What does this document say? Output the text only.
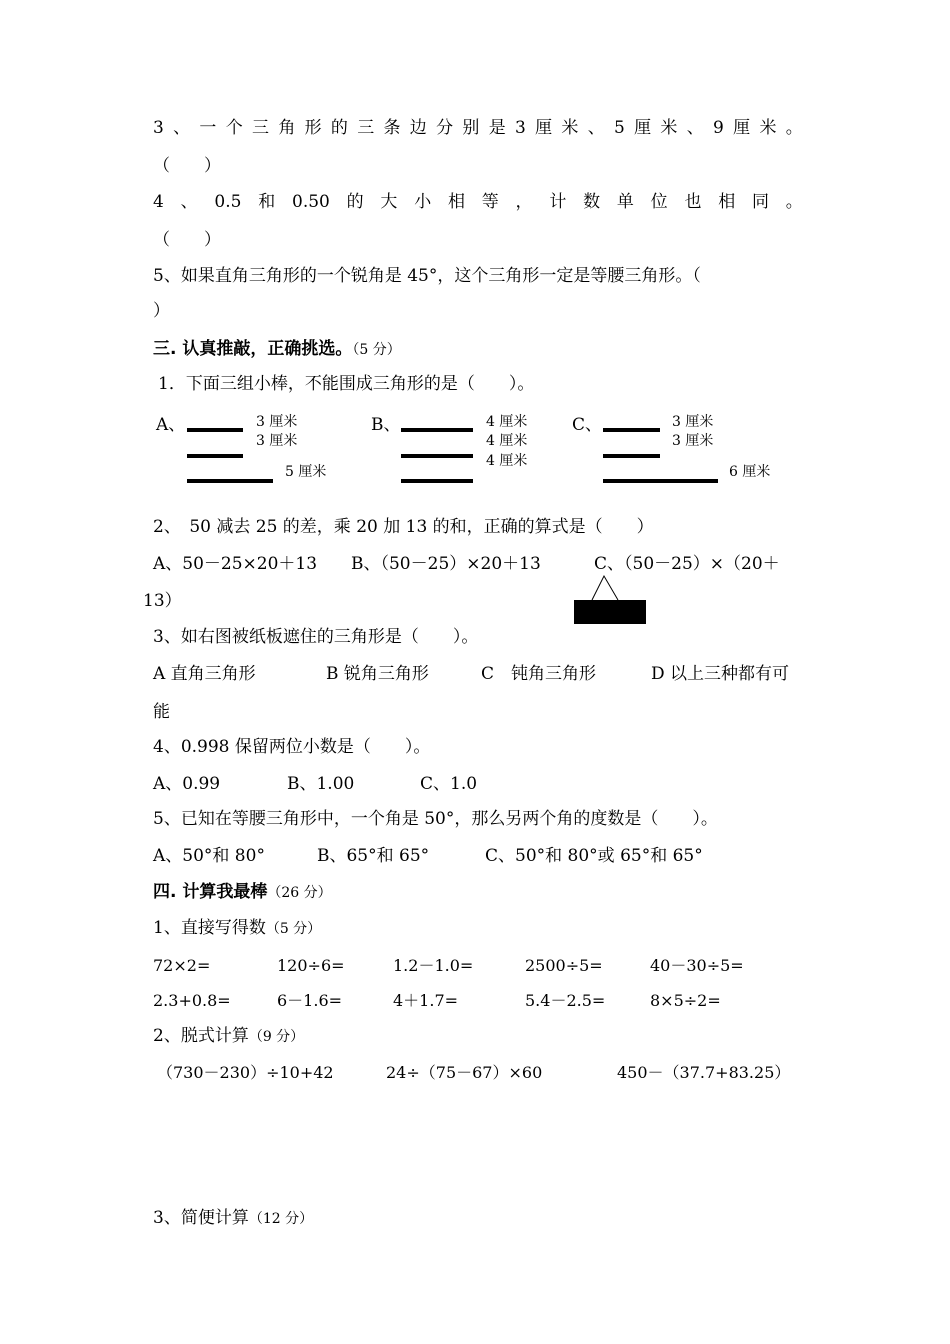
3 、 一 个 三 角 形 的 三 条 边 分 别 是 3 厘 米 、 5 厘 米 、 9 厘 米 。
（　　）
4 、 0.5 和 0.50 的 大 小 相 等 ， 计 数 单 位 也 相 同 。
（　　）
5、如果直角三角形的一个锐角是 45°，这个三角形一定是等腰三角形。（
）
三. 认真推敲，正确挑选。（5 分）
1．下面三组小棒，不能围成三角形的是（　　）。
A、	3 厘米
3 厘米
5 厘米
B、	4 厘米
4 厘米
4 厘米
C、	3 厘米
3 厘米
6 厘米
2、　50 减去 25 的差，乘 20 加 13 的和，正确的算式是（　　）
A、50－25×20＋13 B、（50－25）×20＋13	C、（50－25）×（20＋
13）
3、如右图被纸板遮住的三角形是（　　）。
A 直角三角形	B 锐角三角形	C　钝角三角形	D 以上三种都有可
能
4、0.998 保留两位小数是（　　）。
A、0.99	B、1.00	C、1.0
5、已知在等腰三角形中，一个角是 50°，那么另两个角的度数是（　　）。
A、50°和 80°	B、65°和 65°	C、50°和 80°或 65°和 65°
四. 计算我最棒（26 分）
1、直接写得数（5 分）
72×2=	120÷6=	1.2－1.0=	2500÷5=	40－30÷5=
2.3+0.8=	6－1.6=	4＋1.7=	5.4－2.5=	8×5÷2=
2、脱式计算（9 分）
（730－230）÷10+42	24÷（75－67）×60	450－（37.7+83.25）
3、简便计算（12 分）
